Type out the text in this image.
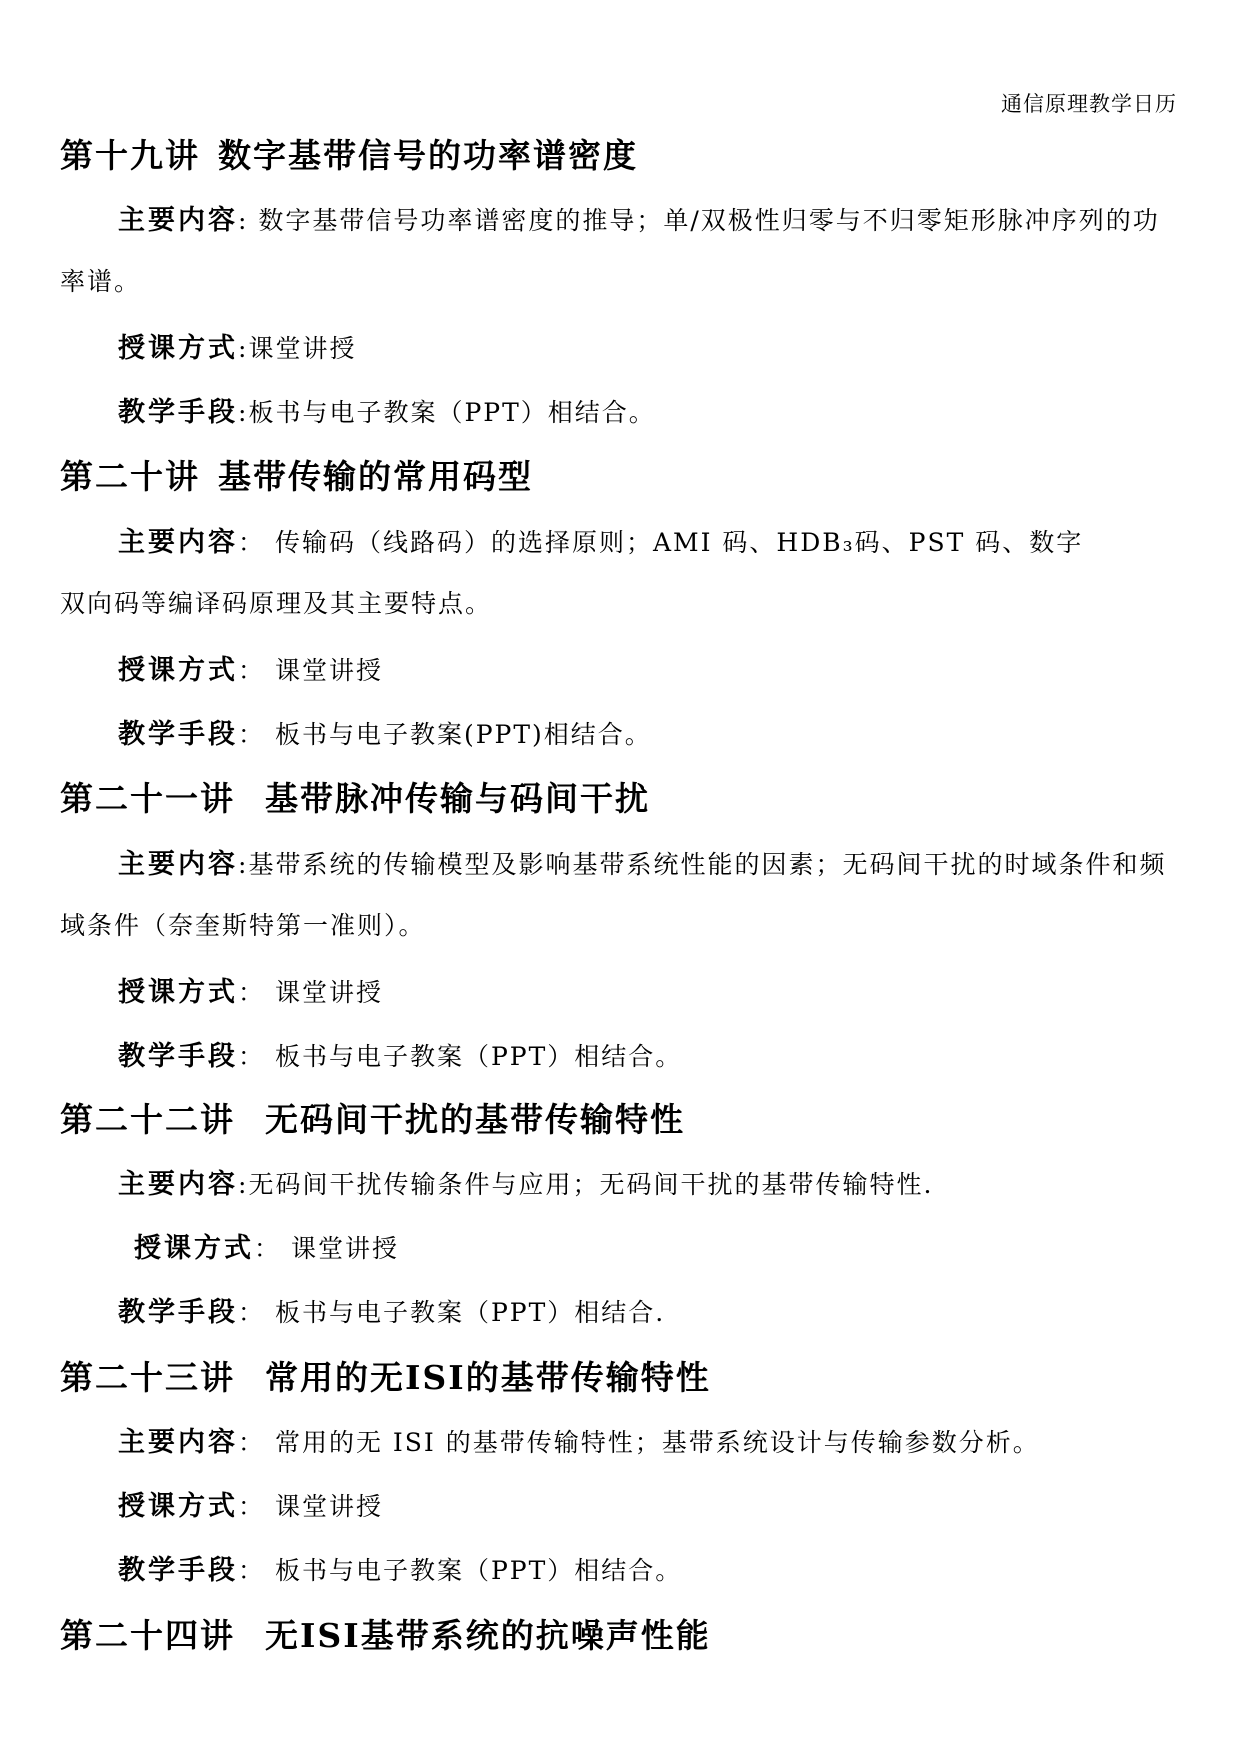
通信原理教学日历
第十九讲 数字基带信号的功率谱密度
主要内容: 数字基带信号功率谱密度的推导；单/双极性归零与不归零矩形脉冲序列的功
率谱。
授课方式:课堂讲授
教学手段:板书与电子教案（PPT）相结合。
第二十讲 基带传输的常用码型
主要内容： 传输码（线路码）的选择原则；AMI 码、HDB₃码、PST 码、数字
双向码等编译码原理及其主要特点。
授课方式： 课堂讲授
教学手段： 板书与电子教案(PPT)相结合。
第二十一讲 基带脉冲传输与码间干扰
主要内容:基带系统的传输模型及影响基带系统性能的因素；无码间干扰的时域条件和频
域条件（奈奎斯特第一准则）。
授课方式： 课堂讲授
教学手段： 板书与电子教案（PPT）相结合。
第二十二讲 无码间干扰的基带传输特性
主要内容:无码间干扰传输条件与应用；无码间干扰的基带传输特性.
授课方式： 课堂讲授
教学手段： 板书与电子教案（PPT）相结合.
第二十三讲 常用的无ISI的基带传输特性
主要内容： 常用的无 ISI 的基带传输特性；基带系统设计与传输参数分析。
授课方式： 课堂讲授
教学手段： 板书与电子教案（PPT）相结合。
第二十四讲 无ISI基带系统的抗噪声性能
